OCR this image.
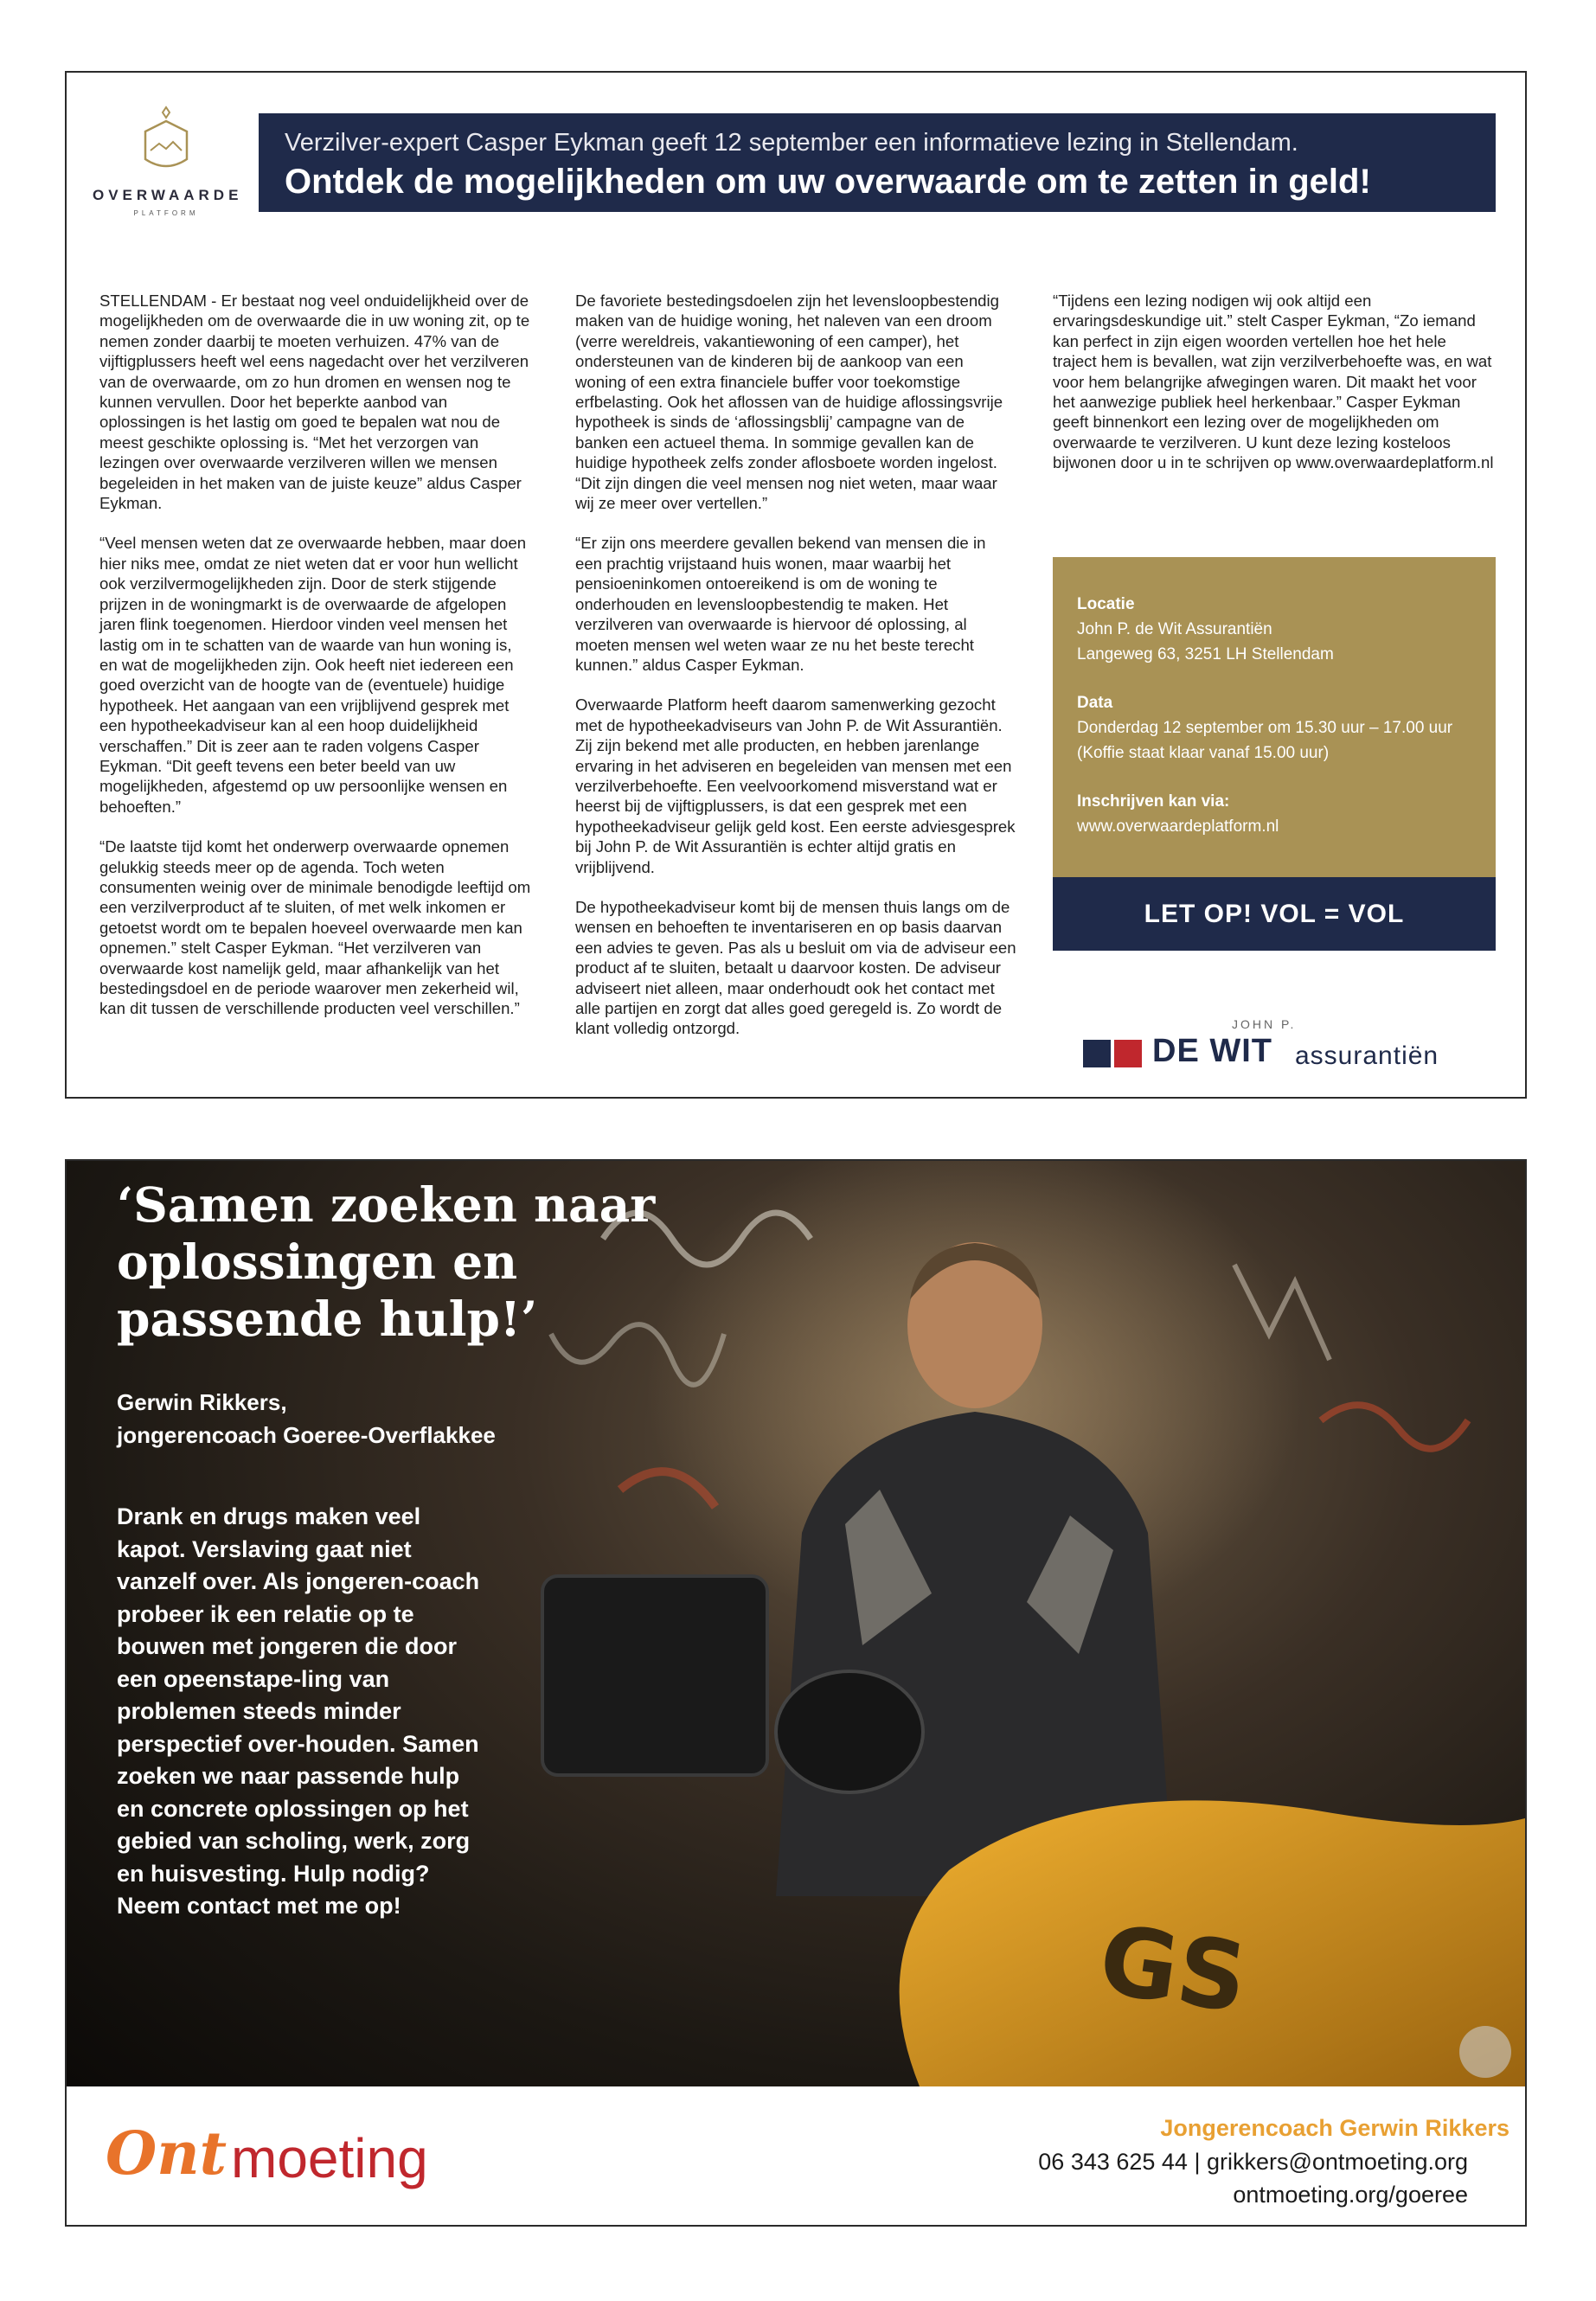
OVERWAARDE
PLATFORM
Verzilver-expert Casper Eykman geeft 12 september een informatieve lezing in Stellendam.
Ontdek de mogelijkheden om uw overwaarde om te zetten in geld!

STELLENDAM - Er bestaat nog veel onduidelijkheid over de mogelijkheden om de overwaarde die in uw woning zit, op te nemen zonder daarbij te moeten verhuizen. 47% van de vijftigplussers heeft wel eens nagedacht over het verzilveren van de overwaarde, om zo hun dromen en wensen nog te kunnen vervullen. Door het beperkte aanbod van oplossingen is het lastig om goed te bepalen wat nou de meest geschikte oplossing is. “Met het verzorgen van lezingen over overwaarde verzilveren willen we mensen begeleiden in het maken van de juiste keuze” aldus Casper Eykman.

“Veel mensen weten dat ze overwaarde hebben, maar doen hier niks mee, omdat ze niet weten dat er voor hun wellicht ook verzilvermogelijkheden zijn. Door de sterk stijgende prijzen in de woningmarkt is de overwaarde de afgelopen jaren flink toegenomen. Hierdoor vinden veel mensen het lastig om in te schatten van de waarde van hun woning is, en wat de mogelijkheden zijn. Ook heeft niet iedereen een goed overzicht van de hoogte van de (eventuele) huidige hypotheek. Het aangaan van een vrijblijvend gesprek met een hypotheekadviseur kan al een hoop duidelijkheid verschaffen.” Dit is zeer aan te raden volgens Casper Eykman. “Dit geeft tevens een beter beeld van uw mogelijkheden, afgestemd op uw persoonlijke wensen en behoeften.”

“De laatste tijd komt het onderwerp overwaarde opnemen gelukkig steeds meer op de agenda. Toch weten consumenten weinig over de minimale benodigde leeftijd om een verzilverproduct af te sluiten, of met welk inkomen er getoetst wordt om te bepalen hoeveel overwaarde men kan opnemen.” stelt Casper Eykman. “Het verzilveren van overwaarde kost namelijk geld, maar afhankelijk van het bestedingsdoel en de periode waarover men zekerheid wil, kan dit tussen de verschillende producten veel verschillen.”

De favoriete bestedingsdoelen zijn het levensloopbestendig maken van de huidige woning, het naleven van een droom (verre wereldreis, vakantiewoning of een camper), het ondersteunen van de kinderen bij de aankoop van een woning of een extra financiele buffer voor toekomstige erfbelasting. Ook het aflossen van de huidige aflossingsvrije hypotheek is sinds de ‘aflossingsblij’ campagne van de banken een actueel thema. In sommige gevallen kan de huidige hypotheek zelfs zonder aflosboete worden ingelost. “Dit zijn dingen die veel mensen nog niet weten, maar waar wij ze meer over vertellen.”

“Er zijn ons meerdere gevallen bekend van mensen die in een prachtig vrijstaand huis wonen, maar waarbij het pensioeninkomen ontoereikend is om de woning te onderhouden en levensloopbestendig te maken. Het verzilveren van overwaarde is hiervoor dé oplossing, al moeten mensen wel weten waar ze nu het beste terecht kunnen.” aldus Casper Eykman.

Overwaarde Platform heeft daarom samenwerking gezocht met de hypotheekadviseurs van John P. de Wit Assurantiën. Zij zijn bekend met alle producten, en hebben jarenlange ervaring in het adviseren en begeleiden van mensen met een verzilverbehoefte. Een veelvoorkomend misverstand wat er heerst bij de vijftigplussers, is dat een gesprek met een hypotheekadviseur gelijk geld kost. Een eerste adviesgesprek bij John P. de Wit Assurantiën is echter altijd gratis en vrijblijvend.

De hypotheekadviseur komt bij de mensen thuis langs om de wensen en behoeften te inventariseren en op basis daarvan een advies te geven. Pas als u besluit om via de adviseur een product af te sluiten, betaalt u daarvoor kosten. De adviseur adviseert niet alleen, maar onderhoudt ook het contact met alle partijen en zorgt dat alles goed geregeld is. Zo wordt de klant volledig ontzorgd.

“Tijdens een lezing nodigen wij ook altijd een ervaringsdeskundige uit.” stelt Casper Eykman, “Zo iemand kan perfect in zijn eigen woorden vertellen hoe het hele traject hem is bevallen, wat zijn verzilverbehoefte was, en wat voor hem belangrijke afwegingen waren. Dit maakt het voor het aanwezige publiek heel herkenbaar.” Casper Eykman geeft binnenkort een lezing over de mogelijkheden om overwaarde te verzilveren. U kunt deze lezing kosteloos bijwonen door u in te schrijven op www.overwaardeplatform.nl

Locatie
John P. de Wit Assurantiën
Langeweg 63, 3251 LH Stellendam
Data
Donderdag 12 september om 15.30 uur – 17.00 uur
(Koffie staat klaar vanaf 15.00 uur)
Inschrijven kan via:
www.overwaardeplatform.nl
LET OP! VOL = VOL
JOHN P.
DE WIT assurantiën
GS
‘Samen zoeken naar oplossingen en passende hulp!’
Gerwin Rikkers,
jongerencoach Goeree-Overflakkee
Drank en drugs maken veel kapot. Verslaving gaat niet vanzelf over. Als jongeren-coach probeer ik een relatie op te bouwen met jongeren die door een opeenstape-ling van problemen steeds minder perspectief over-houden. Samen zoeken we naar passende hulp en concrete oplossingen op het gebied van scholing, werk, zorg en huisvesting. Hulp nodig? Neem contact met me op!
Ont moeting	Jongerencoach Gerwin Rikkers
06 343 625 44 | grikkers@ontmoeting.org
ontmoeting.org/goeree
